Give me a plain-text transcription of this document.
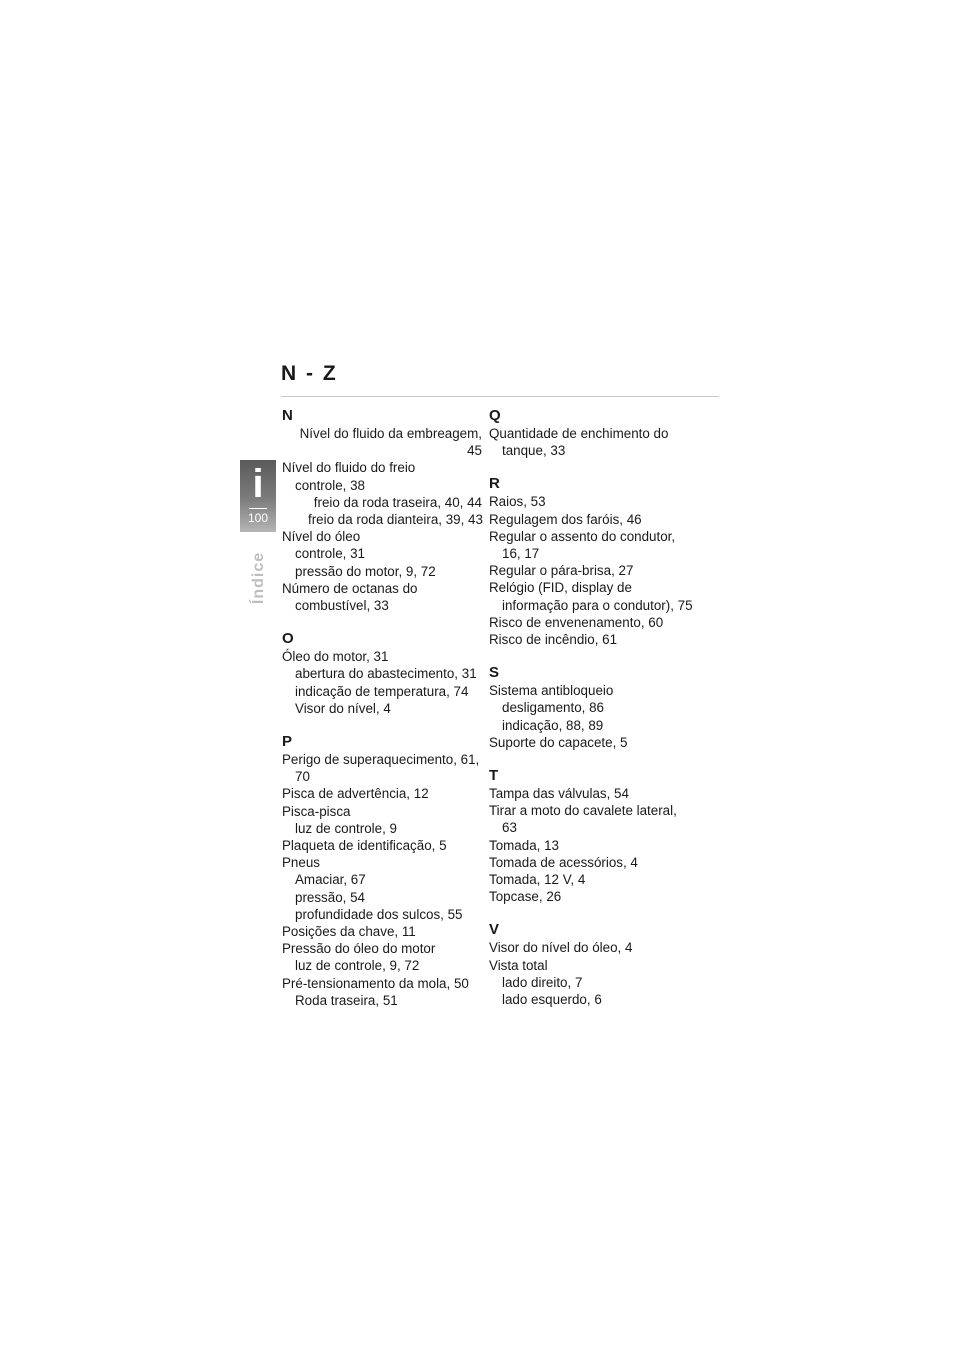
N - Z
i
100
Índice
N
Nível do fluido da embreagem, 45
Nível do fluido do freio
controle, 38
freio da roda traseira, 40, 44
freio da roda dianteira, 39, 43
Nível do óleo
controle, 31
pressão do motor, 9, 72
Número de octanas do
combustível, 33
O
Óleo do motor, 31
abertura do abastecimento, 31
indicação de temperatura, 74
Visor do nível, 4
P
Perigo de superaquecimento, 61,
70
Pisca de advertência, 12
Pisca-pisca
luz de controle, 9
Plaqueta de identificação, 5
Pneus
Amaciar, 67
pressão, 54
profundidade dos sulcos, 55
Posições da chave, 11
Pressão do óleo do motor
luz de controle, 9, 72
Pré-tensionamento da mola, 50
Roda traseira, 51
Q
Quantidade de enchimento do
tanque, 33
R
Raios, 53
Regulagem dos faróis, 46
Regular o assento do condutor,
16, 17
Regular o pára-brisa, 27
Relógio (FID, display de
informação para o condutor), 75
Risco de envenenamento, 60
Risco de incêndio, 61
S
Sistema antibloqueio
desligamento, 86
indicação, 88, 89
Suporte do capacete, 5
T
Tampa das válvulas, 54
Tirar a moto do cavalete lateral, 63
Tomada, 13
Tomada de acessórios, 4
Tomada, 12 V, 4
Topcase, 26
V
Visor do nível do óleo, 4
Vista total
lado direito, 7
lado esquerdo, 6
